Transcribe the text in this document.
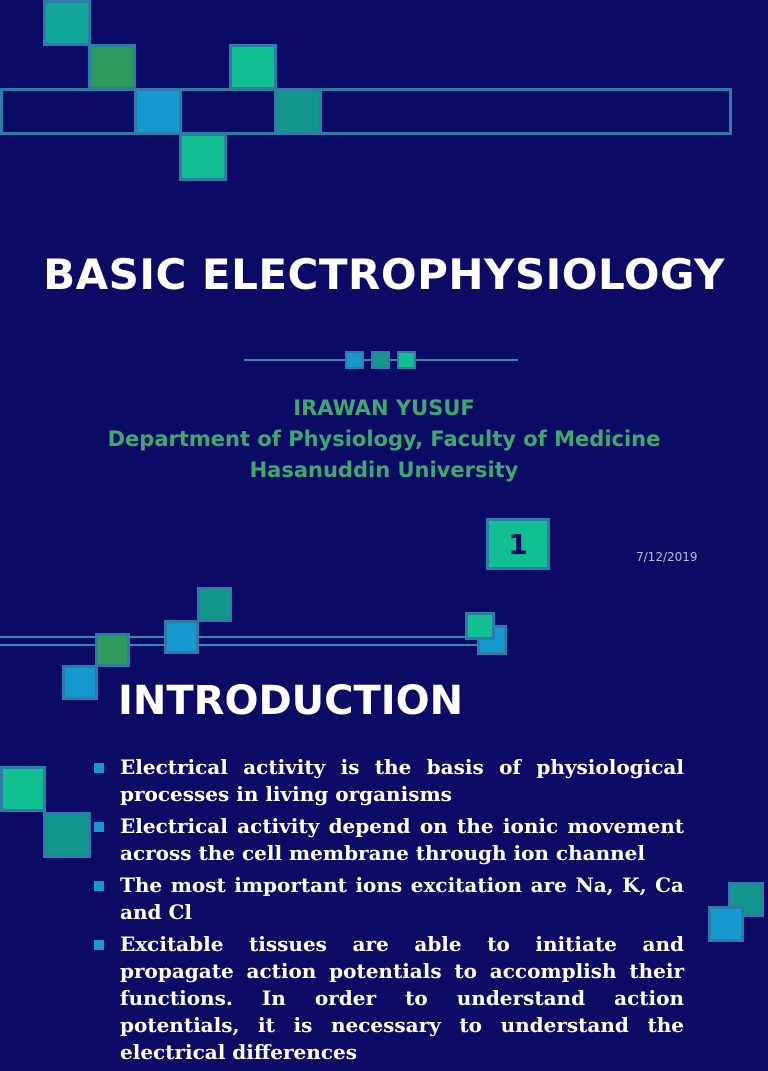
BASIC ELECTROPHYSIOLOGY
IRAWAN YUSUF
Department of Physiology, Faculty of Medicine
Hasanuddin University
1	7/12/2019
INTRODUCTION
Electrical activity is the basis of physiological processes in living organisms
Electrical activity depend on the ionic movement across the cell membrane through ion channel
The most important ions excitation are Na, K, Ca and Cl
Excitable tissues are able to initiate and propagate action potentials to accomplish their functions. In order to understand action potentials, it is necessary to understand the electrical differences
